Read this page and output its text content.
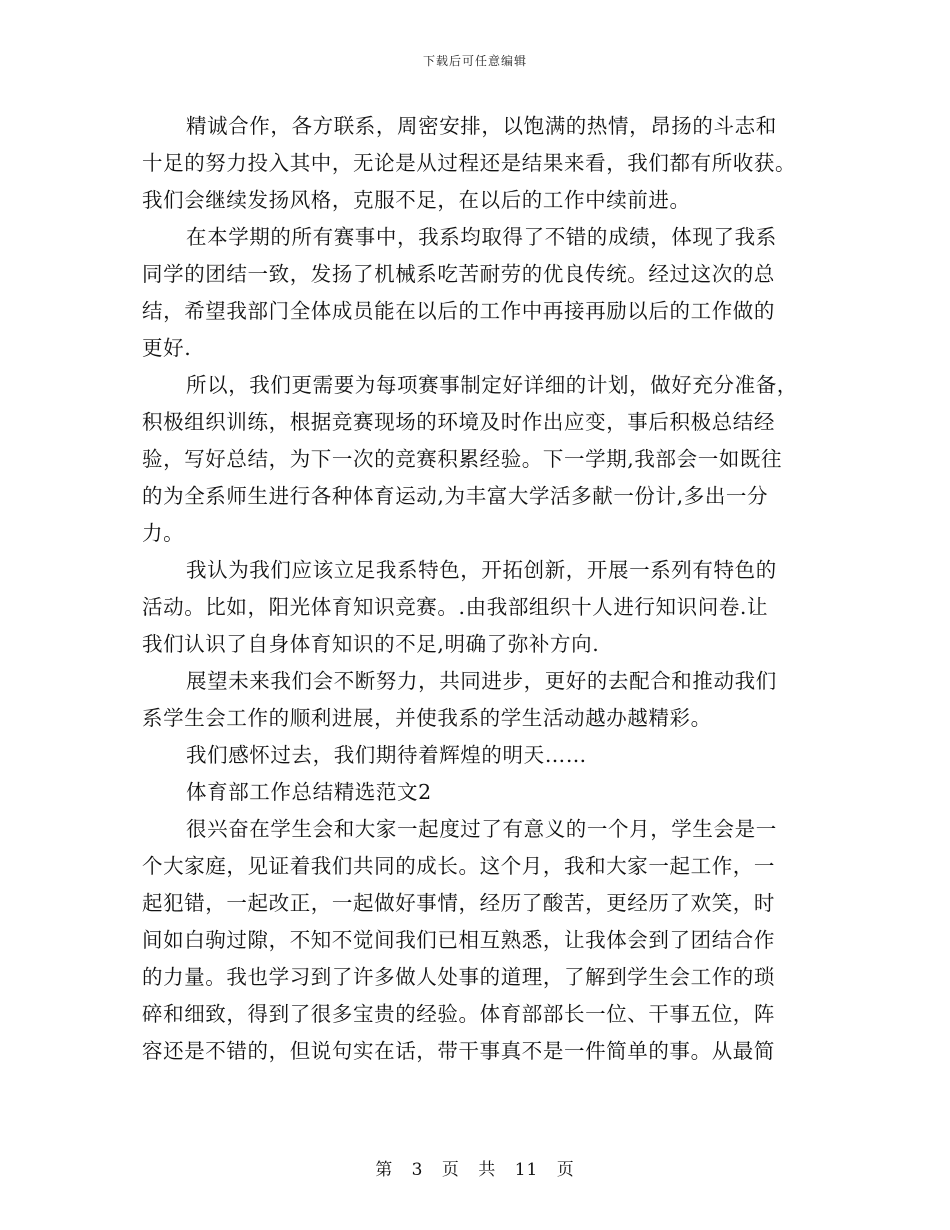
下载后可任意编辑
精诚合作，各方联系，周密安排，以饱满的热情，昂扬的斗志和
十足的努力投入其中，无论是从过程还是结果来看，我们都有所收获。
我们会继续发扬风格，克服不足，在以后的工作中续前进。
在本学期的所有赛事中，我系均取得了不错的成绩，体现了我系
同学的团结一致，发扬了机械系吃苦耐劳的优良传统。经过这次的总
结，希望我部门全体成员能在以后的工作中再接再励以后的工作做的
更好.
所以，我们更需要为每项赛事制定好详细的计划，做好充分准备，
积极组织训练，根据竞赛现场的环境及时作出应变，事后积极总结经
验，写好总结，为下一次的竞赛积累经验。下一学期,我部会一如既往
的为全系师生进行各种体育运动,为丰富大学活多献一份计,多出一分
力。
我认为我们应该立足我系特色，开拓创新，开展一系列有特色的
活动。比如，阳光体育知识竞赛。.由我部组织十人进行知识问卷.让
我们认识了自身体育知识的不足,明确了弥补方向.
展望未来我们会不断努力，共同进步，更好的去配合和推动我们
系学生会工作的顺利进展，并使我系的学生活动越办越精彩。
我们感怀过去，我们期待着辉煌的明天……
体育部工作总结精选范文2
很兴奋在学生会和大家一起度过了有意义的一个月，学生会是一
个大家庭，见证着我们共同的成长。这个月，我和大家一起工作，一
起犯错，一起改正，一起做好事情，经历了酸苦，更经历了欢笑，时
间如白驹过隙，不知不觉间我们已相互熟悉，让我体会到了团结合作
的力量。我也学习到了许多做人处事的道理，了解到学生会工作的琐
碎和细致，得到了很多宝贵的经验。体育部部长一位、干事五位，阵
容还是不错的，但说句实在话，带干事真不是一件简单的事。从最简
第 3 页 共 11 页
